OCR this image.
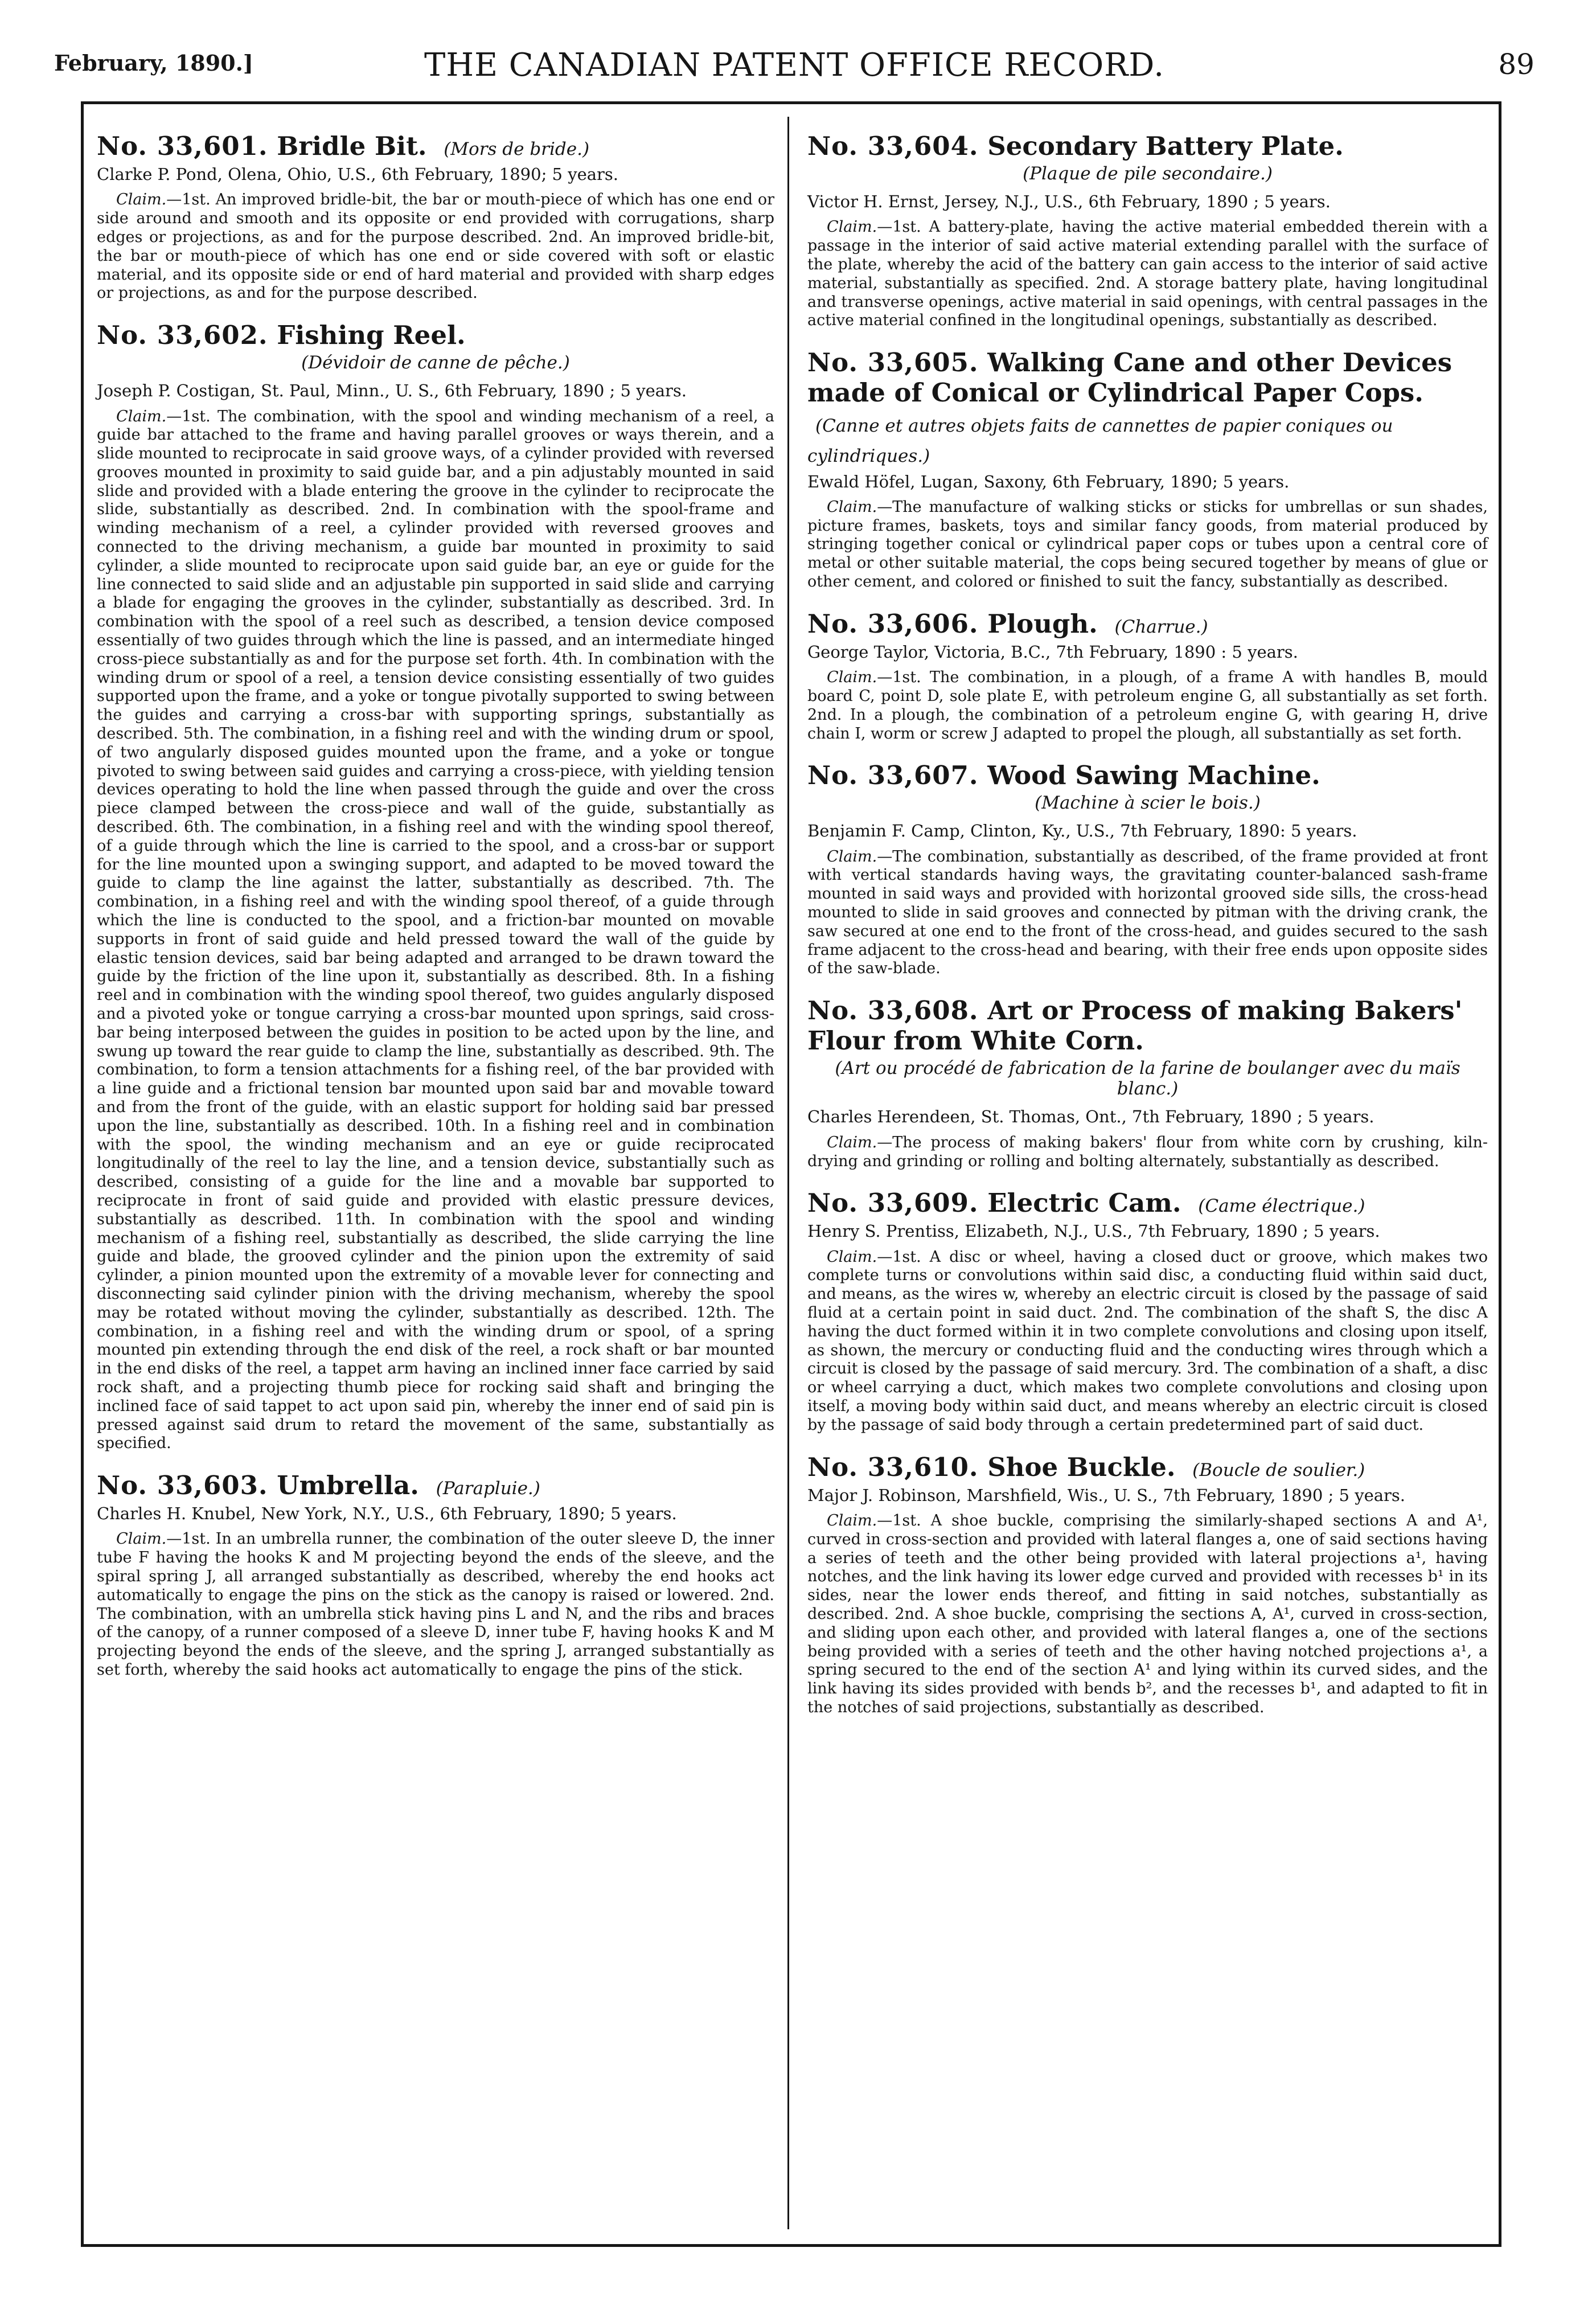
February, 1890.]	THE CANADIAN PATENT OFFICE RECORD.	89
No. 33,601. Bridle Bit. (Mors de bride.)
Clarke P. Pond, Olena, Ohio, U.S., 6th February, 1890; 5 years.

Claim.—1st. An improved bridle-bit, the bar or mouth-piece of which has one end or side around and smooth and its opposite or end provided with corrugations, sharp edges or projections, as and for the purpose described. 2nd. An improved bridle-bit, the bar or mouth-piece of which has one end or side covered with soft or elastic material, and its opposite side or end of hard material and provided with sharp edges or projections, as and for the purpose described.

No. 33,602. Fishing Reel.
(Dévidoir de canne de pêche.)
Joseph P. Costigan, St. Paul, Minn., U. S., 6th February, 1890 ; 5 years.

Claim.—1st. The combination, with the spool and winding mechanism of a reel, a guide bar attached to the frame and having parallel grooves or ways therein, and a slide mounted to reciprocate in said groove ways, of a cylinder provided with reversed grooves mounted in proximity to said guide bar, and a pin adjustably mounted in said slide and provided with a blade entering the groove in the cylinder to reciprocate the slide, substantially as described. 2nd. In combination with the spool-frame and winding mechanism of a reel, a cylinder provided with reversed grooves and connected to the driving mechanism, a guide bar mounted in proximity to said cylinder, a slide mounted to reciprocate upon said guide bar, an eye or guide for the line connected to said slide and an adjustable pin supported in said slide and carrying a blade for engaging the grooves in the cylinder, substantially as described. 3rd. In combination with the spool of a reel such as described, a tension device composed essentially of two guides through which the line is passed, and an intermediate hinged cross-piece substantially as and for the purpose set forth. 4th. In combination with the winding drum or spool of a reel, a tension device consisting essentially of two guides supported upon the frame, and a yoke or tongue pivotally supported to swing between the guides and carrying a cross-bar with supporting springs, substantially as described. 5th. The combination, in a fishing reel and with the winding drum or spool, of two angularly disposed guides mounted upon the frame, and a yoke or tongue pivoted to swing between said guides and carrying a cross-piece, with yielding tension devices operating to hold the line when passed through the guide and over the cross piece clamped between the cross-piece and wall of the guide, substantially as described. 6th. The combination, in a fishing reel and with the winding spool thereof, of a guide through which the line is carried to the spool, and a cross-bar or support for the line mounted upon a swinging support, and adapted to be moved toward the guide to clamp the line against the latter, substantially as described. 7th. The combination, in a fishing reel and with the winding spool thereof, of a guide through which the line is conducted to the spool, and a friction-bar mounted on movable supports in front of said guide and held pressed toward the wall of the guide by elastic tension devices, said bar being adapted and arranged to be drawn toward the guide by the friction of the line upon it, substantially as described. 8th. In a fishing reel and in combination with the winding spool thereof, two guides angularly disposed and a pivoted yoke or tongue carrying a cross-bar mounted upon springs, said cross-bar being interposed between the guides in position to be acted upon by the line, and swung up toward the rear guide to clamp the line, substantially as described. 9th. The combination, to form a tension attachments for a fishing reel, of the bar provided with a line guide and a frictional tension bar mounted upon said bar and movable toward and from the front of the guide, with an elastic support for holding said bar pressed upon the line, substantially as described. 10th. In a fishing reel and in combination with the spool, the winding mechanism and an eye or guide reciprocated longitudinally of the reel to lay the line, and a tension device, substantially such as described, consisting of a guide for the line and a movable bar supported to reciprocate in front of said guide and provided with elastic pressure devices, substantially as described. 11th. In combination with the spool and winding mechanism of a fishing reel, substantially as described, the slide carrying the line guide and blade, the grooved cylinder and the pinion upon the extremity of said cylinder, a pinion mounted upon the extremity of a movable lever for connecting and disconnecting said cylinder pinion with the driving mechanism, whereby the spool may be rotated without moving the cylinder, substantially as described. 12th. The combination, in a fishing reel and with the winding drum or spool, of a spring mounted pin extending through the end disk of the reel, a rock shaft or bar mounted in the end disks of the reel, a tappet arm having an inclined inner face carried by said rock shaft, and a projecting thumb piece for rocking said shaft and bringing the inclined face of said tappet to act upon said pin, whereby the inner end of said pin is pressed against said drum to retard the movement of the same, substantially as specified.

No. 33,603. Umbrella. (Parapluie.)
Charles H. Knubel, New York, N.Y., U.S., 6th February, 1890; 5 years.

Claim.—1st. In an umbrella runner, the combination of the outer sleeve D, the inner tube F having the hooks K and M projecting beyond the ends of the sleeve, and the spiral spring J, all arranged substantially as described, whereby the end hooks act automatically to engage the pins on the stick as the canopy is raised or lowered. 2nd. The combination, with an umbrella stick having pins L and N, and the ribs and braces of the canopy, of a runner composed of a sleeve D, inner tube F, having hooks K and M projecting beyond the ends of the sleeve, and the spring J, arranged substantially as set forth, whereby the said hooks act automatically to engage the pins of the stick.

No. 33,604. Secondary Battery Plate.
(Plaque de pile secondaire.)
Victor H. Ernst, Jersey, N.J., U.S., 6th February, 1890 ; 5 years.

Claim.—1st. A battery-plate, having the active material embedded therein with a passage in the interior of said active material extending parallel with the surface of the plate, whereby the acid of the battery can gain access to the interior of said active material, substantially as specified. 2nd. A storage battery plate, having longitudinal and transverse openings, active material in said openings, with central passages in the active material confined in the longitudinal openings, substantially as described.

No. 33,605. Walking Cane and other Devices made of Conical or Cylindrical Paper Cops. (Canne et autres objets faits de cannettes de papier coniques ou cylindriques.)
Ewald Höfel, Lugan, Saxony, 6th February, 1890; 5 years.

Claim.—The manufacture of walking sticks or sticks for umbrellas or sun shades, picture frames, baskets, toys and similar fancy goods, from material produced by stringing together conical or cylindrical paper cops or tubes upon a central core of metal or other suitable material, the cops being secured together by means of glue or other cement, and colored or finished to suit the fancy, substantially as described.

No. 33,606. Plough. (Charrue.)
George Taylor, Victoria, B.C., 7th February, 1890 : 5 years.

Claim.—1st. The combination, in a plough, of a frame A with handles B, mould board C, point D, sole plate E, with petroleum engine G, all substantially as set forth. 2nd. In a plough, the combination of a petroleum engine G, with gearing H, drive chain I, worm or screw J adapted to propel the plough, all substantially as set forth.

No. 33,607. Wood Sawing Machine.
(Machine à scier le bois.)
Benjamin F. Camp, Clinton, Ky., U.S., 7th February, 1890: 5 years.

Claim.—The combination, substantially as described, of the frame provided at front with vertical standards having ways, the gravitating counter-balanced sash-frame mounted in said ways and provided with horizontal grooved side sills, the cross-head mounted to slide in said grooves and connected by pitman with the driving crank, the saw secured at one end to the front of the cross-head, and guides secured to the sash frame adjacent to the cross-head and bearing, with their free ends upon opposite sides of the saw-blade.

No. 33,608. Art or Process of making Bakers' Flour from White Corn.
(Art ou procédé de fabrication de la farine de boulanger avec du maïs blanc.)
Charles Herendeen, St. Thomas, Ont., 7th February, 1890 ; 5 years.

Claim.—The process of making bakers' flour from white corn by crushing, kiln-drying and grinding or rolling and bolting alternately, substantially as described.

No. 33,609. Electric Cam. (Came électrique.)
Henry S. Prentiss, Elizabeth, N.J., U.S., 7th February, 1890 ; 5 years.

Claim.—1st. A disc or wheel, having a closed duct or groove, which makes two complete turns or convolutions within said disc, a conducting fluid within said duct, and means, as the wires w, whereby an electric circuit is closed by the passage of said fluid at a certain point in said duct. 2nd. The combination of the shaft S, the disc A having the duct formed within it in two complete convolutions and closing upon itself, as shown, the mercury or conducting fluid and the conducting wires through which a circuit is closed by the passage of said mercury. 3rd. The combination of a shaft, a disc or wheel carrying a duct, which makes two complete convolutions and closing upon itself, a moving body within said duct, and means whereby an electric circuit is closed by the passage of said body through a certain predetermined part of said duct.

No. 33,610. Shoe Buckle. (Boucle de soulier.)
Major J. Robinson, Marshfield, Wis., U. S., 7th February, 1890 ; 5 years.

Claim.—1st. A shoe buckle, comprising the similarly-shaped sections A and A¹, curved in cross-section and provided with lateral flanges a, one of said sections having a series of teeth and the other being provided with lateral projections a¹, having notches, and the link having its lower edge curved and provided with recesses b¹ in its sides, near the lower ends thereof, and fitting in said notches, substantially as described. 2nd. A shoe buckle, comprising the sections A, A¹, curved in cross-section, and sliding upon each other, and provided with lateral flanges a, one of the sections being provided with a series of teeth and the other having notched projections a¹, a spring secured to the end of the section A¹ and lying within its curved sides, and the link having its sides provided with bends b², and the recesses b¹, and adapted to fit in the notches of said projections, substantially as described.
